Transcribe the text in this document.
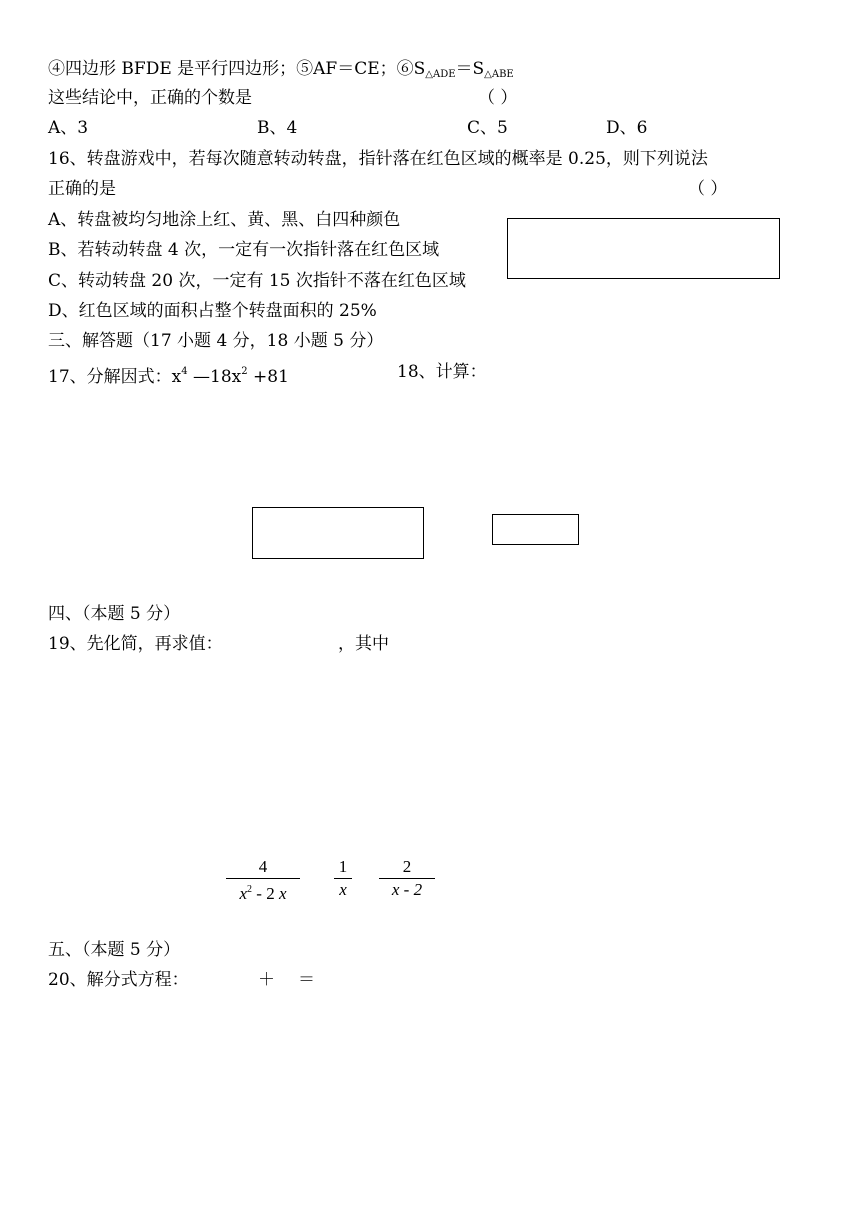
④四边形 BFDE 是平行四边形；⑤AF＝CE；$⑥S_{\triangle ADE}=S_{\triangle ABE}$
这些结论中，正确的个数是	（ ）
A、3	B、4	C、5	D、6
16、转盘游戏中，若每次随意转动转盘，指针落在红色区域的概率是 0.25，则下列说法
正确的是	（ ）
A、转盘被均匀地涂上红、黄、黑、白四种颜色
B、若转动转盘 4 次，一定有一次指针落在红色区域
C、转动转盘 20 次，一定有 15 次指针不落在红色区域
D、红色区域的面积占整个转盘面积的 25%
三、解答题（17 小题 4 分，18 小题 5 分）
17、分解因式：$x^4$ $—18x^2 +81$	18、计算：
四、（本题 5 分）
19、先化简，再求值：	，其中
4
$x^2 - 2$ x
1
x
2
x - 2
五、（本题 5 分）
20、解分式方程：	＋ ＝
